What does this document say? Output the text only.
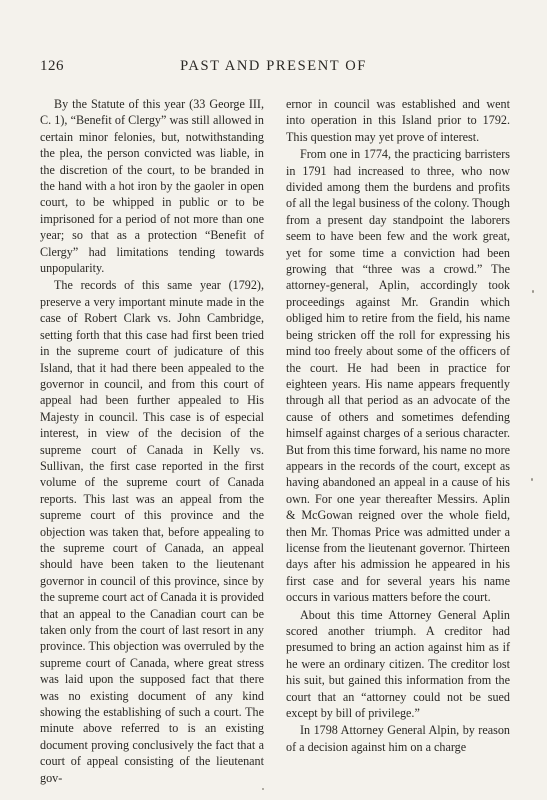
126	PAST AND PRESENT OF

By the Statute of this year (33 George III, C. 1), “Benefit of Clergy” was still allowed in certain minor felonies, but, notwithstanding the plea, the person convicted was liable, in the discretion of the court, to be branded in the hand with a hot iron by the gaoler in open court, to be whipped in public or to be imprisoned for a period of not more than one year; so that as a protection “Benefit of Clergy” had limitations tending towards unpopularity.

The records of this same year (1792), preserve a very important minute made in the case of Robert Clark vs. John Cambridge, setting forth that this case had first been tried in the supreme court of judicature of this Island, that it had there been appealed to the governor in council, and from this court of appeal had been further appealed to His Majesty in council. This case is of especial interest, in view of the decision of the supreme court of Canada in Kelly vs. Sullivan, the first case reported in the first volume of the supreme court of Canada reports. This last was an appeal from the supreme court of this province and the objection was taken that, before appealing to the supreme court of Canada, an appeal should have been taken to the lieutenant governor in council of this province, since by the supreme court act of Canada it is provided that an appeal to the Canadian court can be taken only from the court of last resort in any province. This objection was overruled by the supreme court of Canada, where great stress was laid upon the supposed fact that there was no existing document of any kind showing the establishing of such a court. The minute above referred to is an existing document proving conclusively the fact that a court of appeal consisting of the lieutenant gov-

ernor in council was established and went into operation in this Island prior to 1792. This question may yet prove of interest.

From one in 1774, the practicing barristers in 1791 had increased to three, who now divided among them the burdens and profits of all the legal business of the colony. Though from a present day standpoint the laborers seem to have been few and the work great, yet for some time a conviction had been growing that “three was a crowd.” The attorney-general, Aplin, accordingly took proceedings against Mr. Grandin which obliged him to retire from the field, his name being stricken off the roll for expressing his mind too freely about some of the officers of the court. He had been in practice for eighteen years. His name appears frequently through all that period as an advocate of the cause of others and sometimes defending himself against charges of a serious character. But from this time forward, his name no more appears in the records of the court, except as having abandoned an appeal in a cause of his own. For one year thereafter Messirs. Aplin & McGowan reigned over the whole field, then Mr. Thomas Price was admitted under a license from the lieutenant governor. Thirteen days after his admission he appeared in his first case and for several years his name occurs in various matters before the court.

About this time Attorney General Aplin scored another triumph. A creditor had presumed to bring an action against him as if he were an ordinary citizen. The creditor lost his suit, but gained this information from the court that an “attorney could not be sued except by bill of privilege.”

In 1798 Attorney General Alpin, by reason of a decision against him on a charge
